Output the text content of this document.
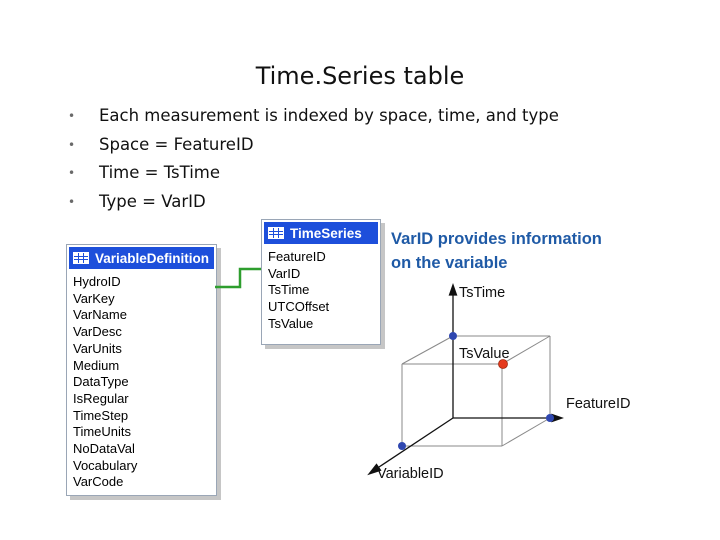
Time.Series table
• Each measurement is indexed by space, time, and type
• Space = FeatureID
• Time = TsTime
• Type = VarID
VariableDefinition
HydroID
VarKey
VarName
VarDesc
VarUnits
Medium
DataType
IsRegular
TimeStep
TimeUnits
NoDataVal
Vocabulary
VarCode
TimeSeries
FeatureID
VarID
TsTime
UTCOffset
TsValue
VarID provides information
on the variable
TsTime
TsValue
FeatureID
VariableID
